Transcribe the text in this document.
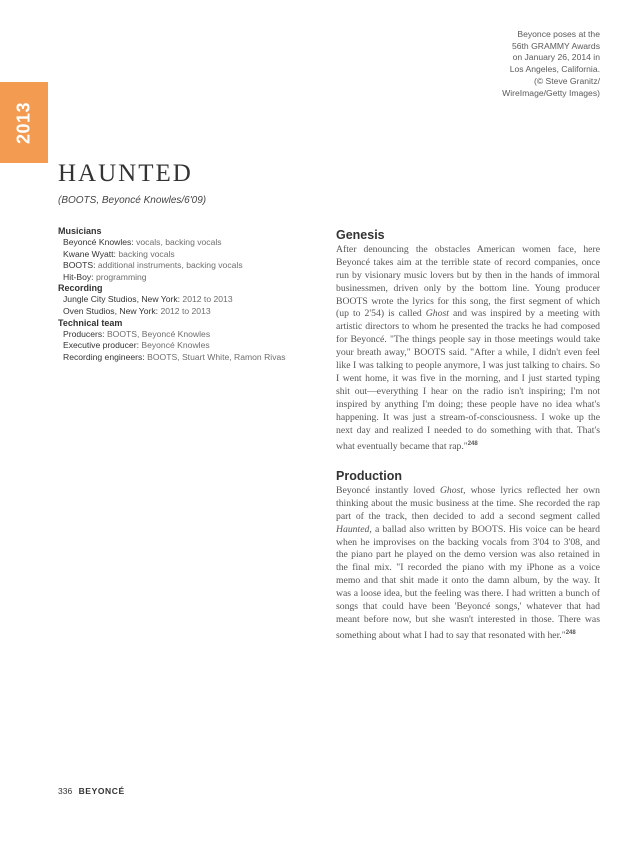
Beyonce poses at the
56th GRAMMY Awards
on January 26, 2014 in
Los Angeles, California.
(© Steve Granitz/
WireImage/Getty Images)
2013
HAUNTED
(BOOTS, Beyoncé Knowles/6'09)
Musicians
Beyoncé Knowles: vocals, backing vocals
Kwane Wyatt: backing vocals
BOOTS: additional instruments, backing vocals
Hit-Boy: programming
Recording
Jungle City Studios, New York: 2012 to 2013
Oven Studios, New York: 2012 to 2013
Technical team
Producers: BOOTS, Beyoncé Knowles
Executive producer: Beyoncé Knowles
Recording engineers: BOOTS, Stuart White, Ramon Rivas
Genesis

After denouncing the obstacles American women face, here Beyoncé takes aim at the terrible state of record companies, once run by visionary music lovers but by then in the hands of immoral businessmen, driven only by the bottom line. Young producer BOOTS wrote the lyrics for this song, the first segment of which (up to 2'54) is called Ghost and was inspired by a meeting with artistic directors to whom he presented the tracks he had composed for Beyoncé. "The things people say in those meetings would take your breath away," BOOTS said. "After a while, I didn't even feel like I was talking to people anymore, I was just talking to chairs. So I went home, it was five in the morning, and I just started typing shit out—everything I hear on the radio isn't inspiring; I'm not inspired by anything I'm doing; these people have no idea what's happening. It was just a stream-of-consciousness. I woke up the next day and realized I needed to do something with that. That's what eventually became that rap."$^{248}$

Production

Beyoncé instantly loved Ghost, whose lyrics reflected her own thinking about the music business at the time. She recorded the rap part of the track, then decided to add a second segment called Haunted, a ballad also written by BOOTS. His voice can be heard when he improvises on the backing vocals from 3'04 to 3'08, and the piano part he played on the demo version was also retained in the final mix. "I recorded the piano with my iPhone as a voice memo and that shit made it onto the damn album, by the way. It was a loose idea, but the feeling was there. I had written a bunch of songs that could have been 'Beyoncé songs,' whatever that had meant before now, but she wasn't interested in those. There was something about what I had to say that resonated with her."$^{248}$

336 BEYONCÉ
